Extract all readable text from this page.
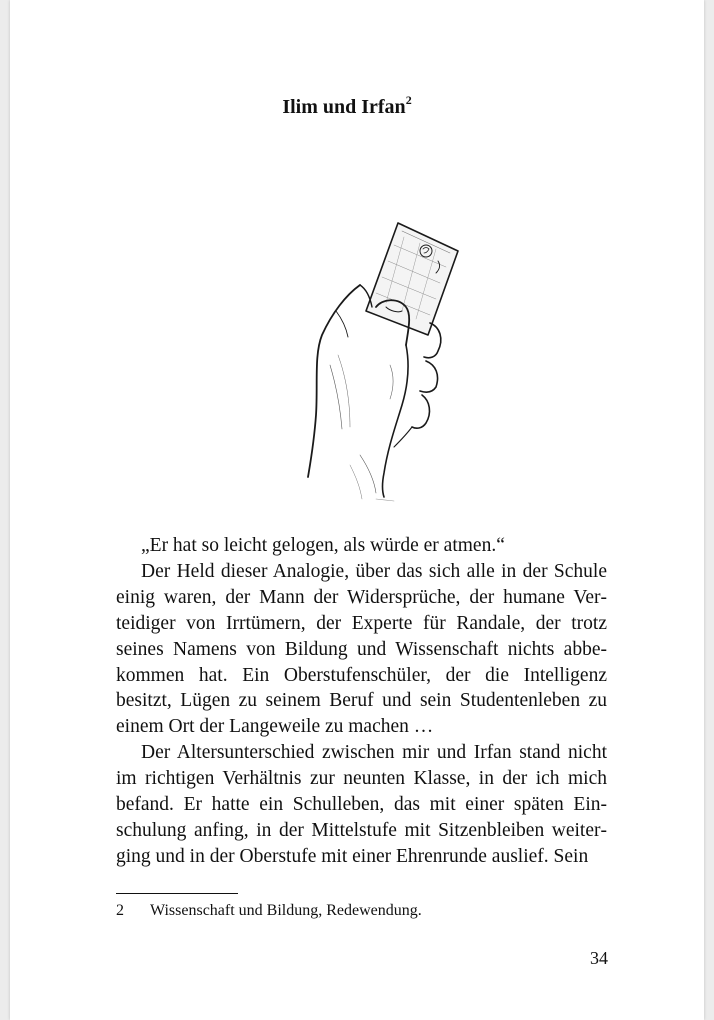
Ilim und Irfan$^2$

„Er hat so leicht gelogen, als würde er atmen.“

Der Held dieser Analogie, über das sich alle in der Schule einig waren, der Mann der Widersprüche, der humane Verteidiger von Irrtümern, der Experte für Randale, der trotz seines Namens von Bildung und Wissenschaft nichts abbekommen hat. Ein Oberstufenschüler, der die Intelligenz besitzt, Lügen zu seinem Beruf und sein Studentenleben zu einem Ort der Langeweile zu machen …

Der Altersunterschied zwischen mir und Irfan stand nicht im richtigen Verhältnis zur neunten Klasse, in der ich mich befand. Er hatte ein Schulleben, das mit einer späten Einschulung anfing, in der Mittelstufe mit Sitzenbleiben weiterging und in der Oberstufe mit einer Ehrenrunde auslief. Sein

2 Wissenschaft und Bildung, Redewendung.
34
